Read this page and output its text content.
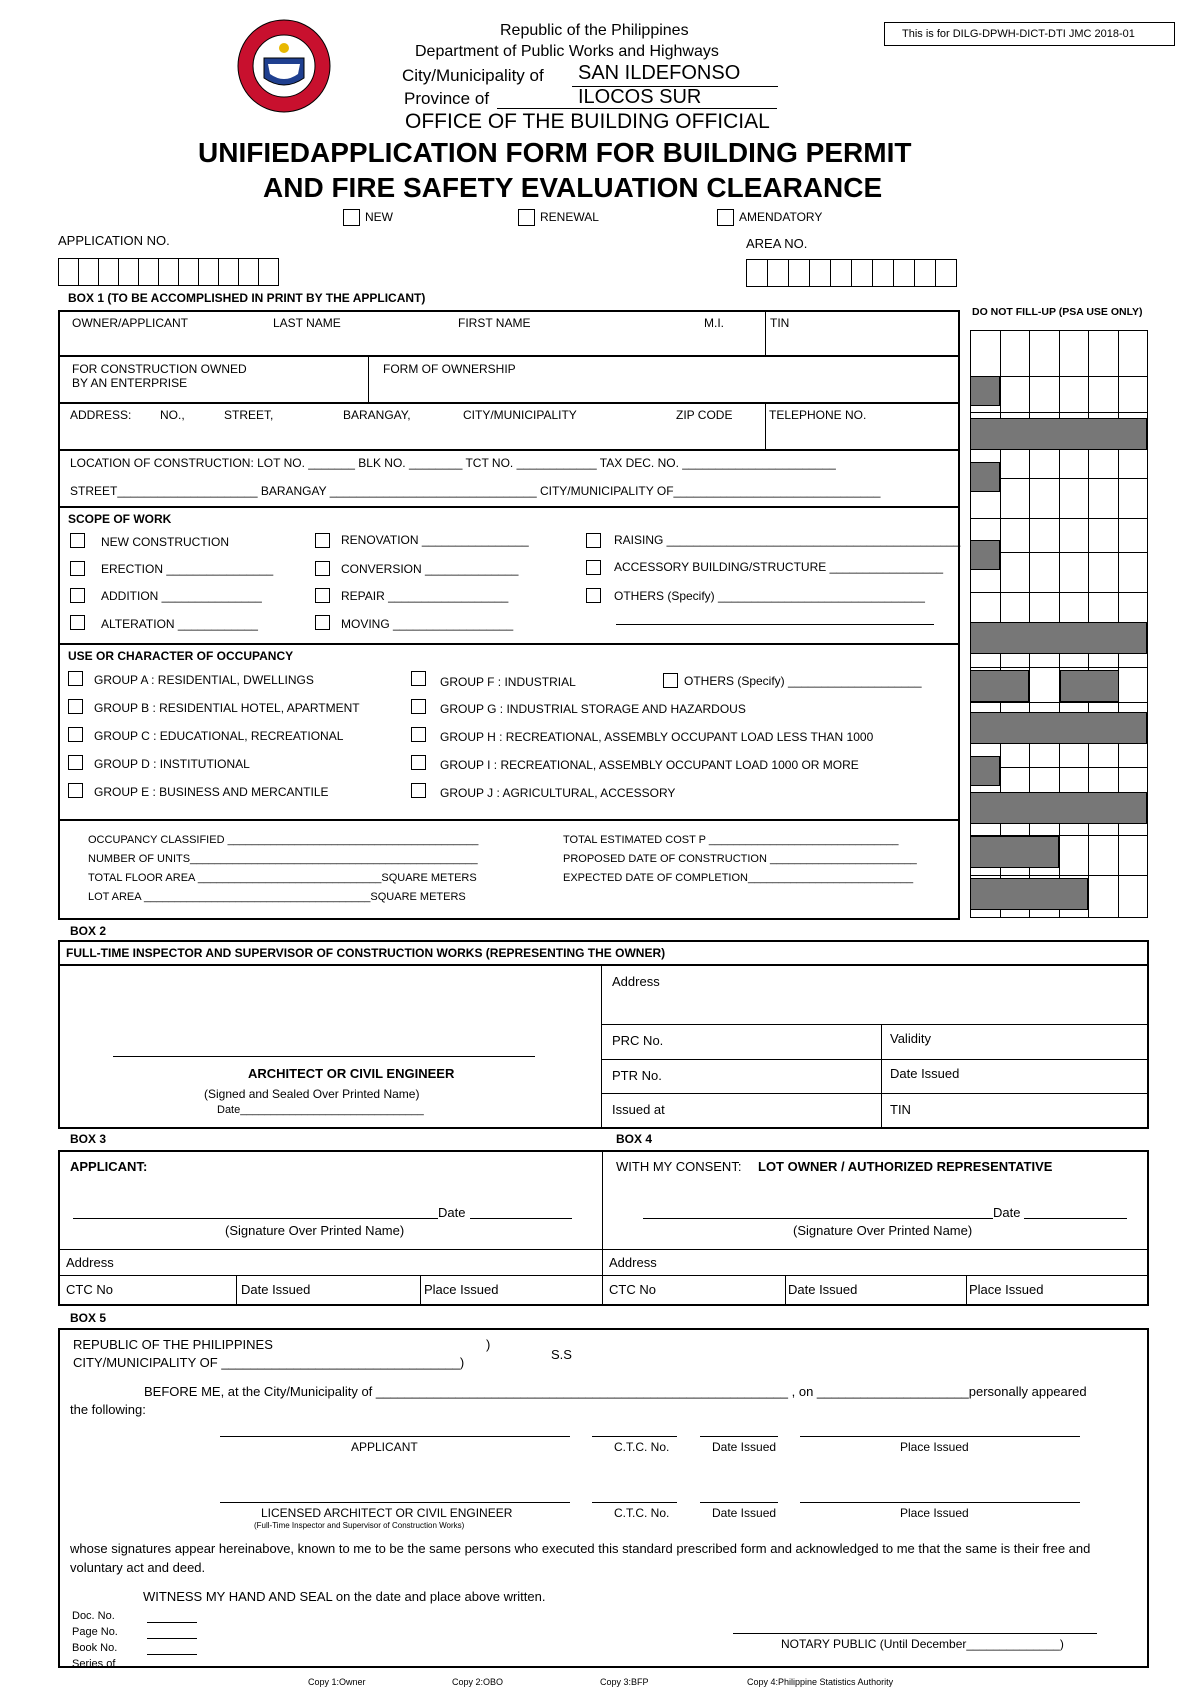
Republic of the Philippines
Department of Public Works and Highways
City/Municipality of SAN ILDEFONSO
Province of	ILOCOS SUR
OFFICE OF THE BUILDING OFFICIAL
UNIFIEDAPPLICATION FORM FOR BUILDING PERMIT
AND FIRE SAFETY EVALUATION CLEARANCE
This is for DILG-DPWH-DICT-DTI JMC 2018-01
NEW	RENEWAL	AMENDATORY
APPLICATION NO.	AREA NO.
BOX 1 (TO BE ACCOMPLISHED IN PRINT BY THE APPLICANT)
DO NOT FILL-UP (PSA USE ONLY)
OWNER/APPLICANT	LAST NAME	FIRST NAME	M.I.	TIN
FOR CONSTRUCTION OWNED
BY AN ENTERPRISE
FORM OF OWNERSHIP
ADDRESS: NO.,	STREET,	BARANGAY,	CITY/MUNICIPALITY	ZIP CODE	TELEPHONE NO.
LOCATION OF CONSTRUCTION: LOT NO. _______ BLK NO. ________ TCT NO. ____________ TAX DEC. NO. _______________________
STREET_____________________ BARANGAY _______________________________ CITY/MUNICIPALITY OF_______________________________
SCOPE OF WORK
NEW CONSTRUCTION
ERECTION ________________
ADDITION _______________
ALTERATION ____________
RENOVATION ________________
CONVERSION ______________
REPAIR __________________
MOVING __________________
RAISING ____________________________________________
ACCESSORY BUILDING/STRUCTURE _________________
OTHERS (Specify) _______________________________
USE OR CHARACTER OF OCCUPANCY
GROUP A : RESIDENTIAL, DWELLINGS
GROUP B : RESIDENTIAL HOTEL, APARTMENT
GROUP C : EDUCATIONAL, RECREATIONAL
GROUP D : INSTITUTIONAL
GROUP E : BUSINESS AND MERCANTILE
GROUP F : INDUSTRIAL
GROUP G : INDUSTRIAL STORAGE AND HAZARDOUS
GROUP H : RECREATIONAL, ASSEMBLY OCCUPANT LOAD LESS THAN 1000
GROUP I : RECREATIONAL, ASSEMBLY OCCUPANT LOAD 1000 OR MORE
GROUP J : AGRICULTURAL, ACCESSORY
OTHERS (Specify) ____________________
OCCUPANCY CLASSIFIED _________________________________________
NUMBER OF UNITS_______________________________________________
TOTAL FLOOR AREA ______________________________SQUARE METERS
LOT AREA _____________________________________SQUARE METERS
TOTAL ESTIMATED COST P _______________________________
PROPOSED DATE OF CONSTRUCTION ________________________
EXPECTED DATE OF COMPLETION___________________________
BOX 2
FULL-TIME INSPECTOR AND SUPERVISOR OF CONSTRUCTION WORKS (REPRESENTING THE OWNER)
Address
PRC No.	Validity
PTR No.	Date Issued
Issued at	TIN
ARCHITECT OR CIVIL ENGINEER
(Signed and Sealed Over Printed Name)
Date______________________________
BOX 3	BOX 4
APPLICANT:
Date
(Signature Over Printed Name)
Address
CTC No	Date Issued	Place Issued
WITH MY CONSENT: LOT OWNER / AUTHORIZED REPRESENTATIVE
Date
(Signature Over Printed Name)
Address
CTC No	Date Issued	Place Issued
BOX 5
REPUBLIC OF THE PHILIPPINES	)
CITY/MUNICIPALITY OF _________________________________)
S.S
BEFORE ME, at the City/Municipality of _________________________________________________________ , on _____________________personally appeared
the following:
APPLICANT	C.T.C. No.	Date Issued	Place Issued
LICENSED ARCHITECT OR CIVIL ENGINEER
(Full-Time Inspector and Supervisor of Construction Works)
C.T.C. No.	Date Issued	Place Issued
whose signatures appear hereinabove, known to me to be the same persons who executed this standard prescribed form and acknowledged to me that the same is their free and
voluntary act and deed.
WITNESS MY HAND AND SEAL on the date and place above written.
Doc. No.
Page No.
Book No.
Series of
NOTARY PUBLIC (Until December______________)
Copy 1:Owner	Copy 2:OBO	Copy 3:BFP	Copy 4:Philippine Statistics Authority
